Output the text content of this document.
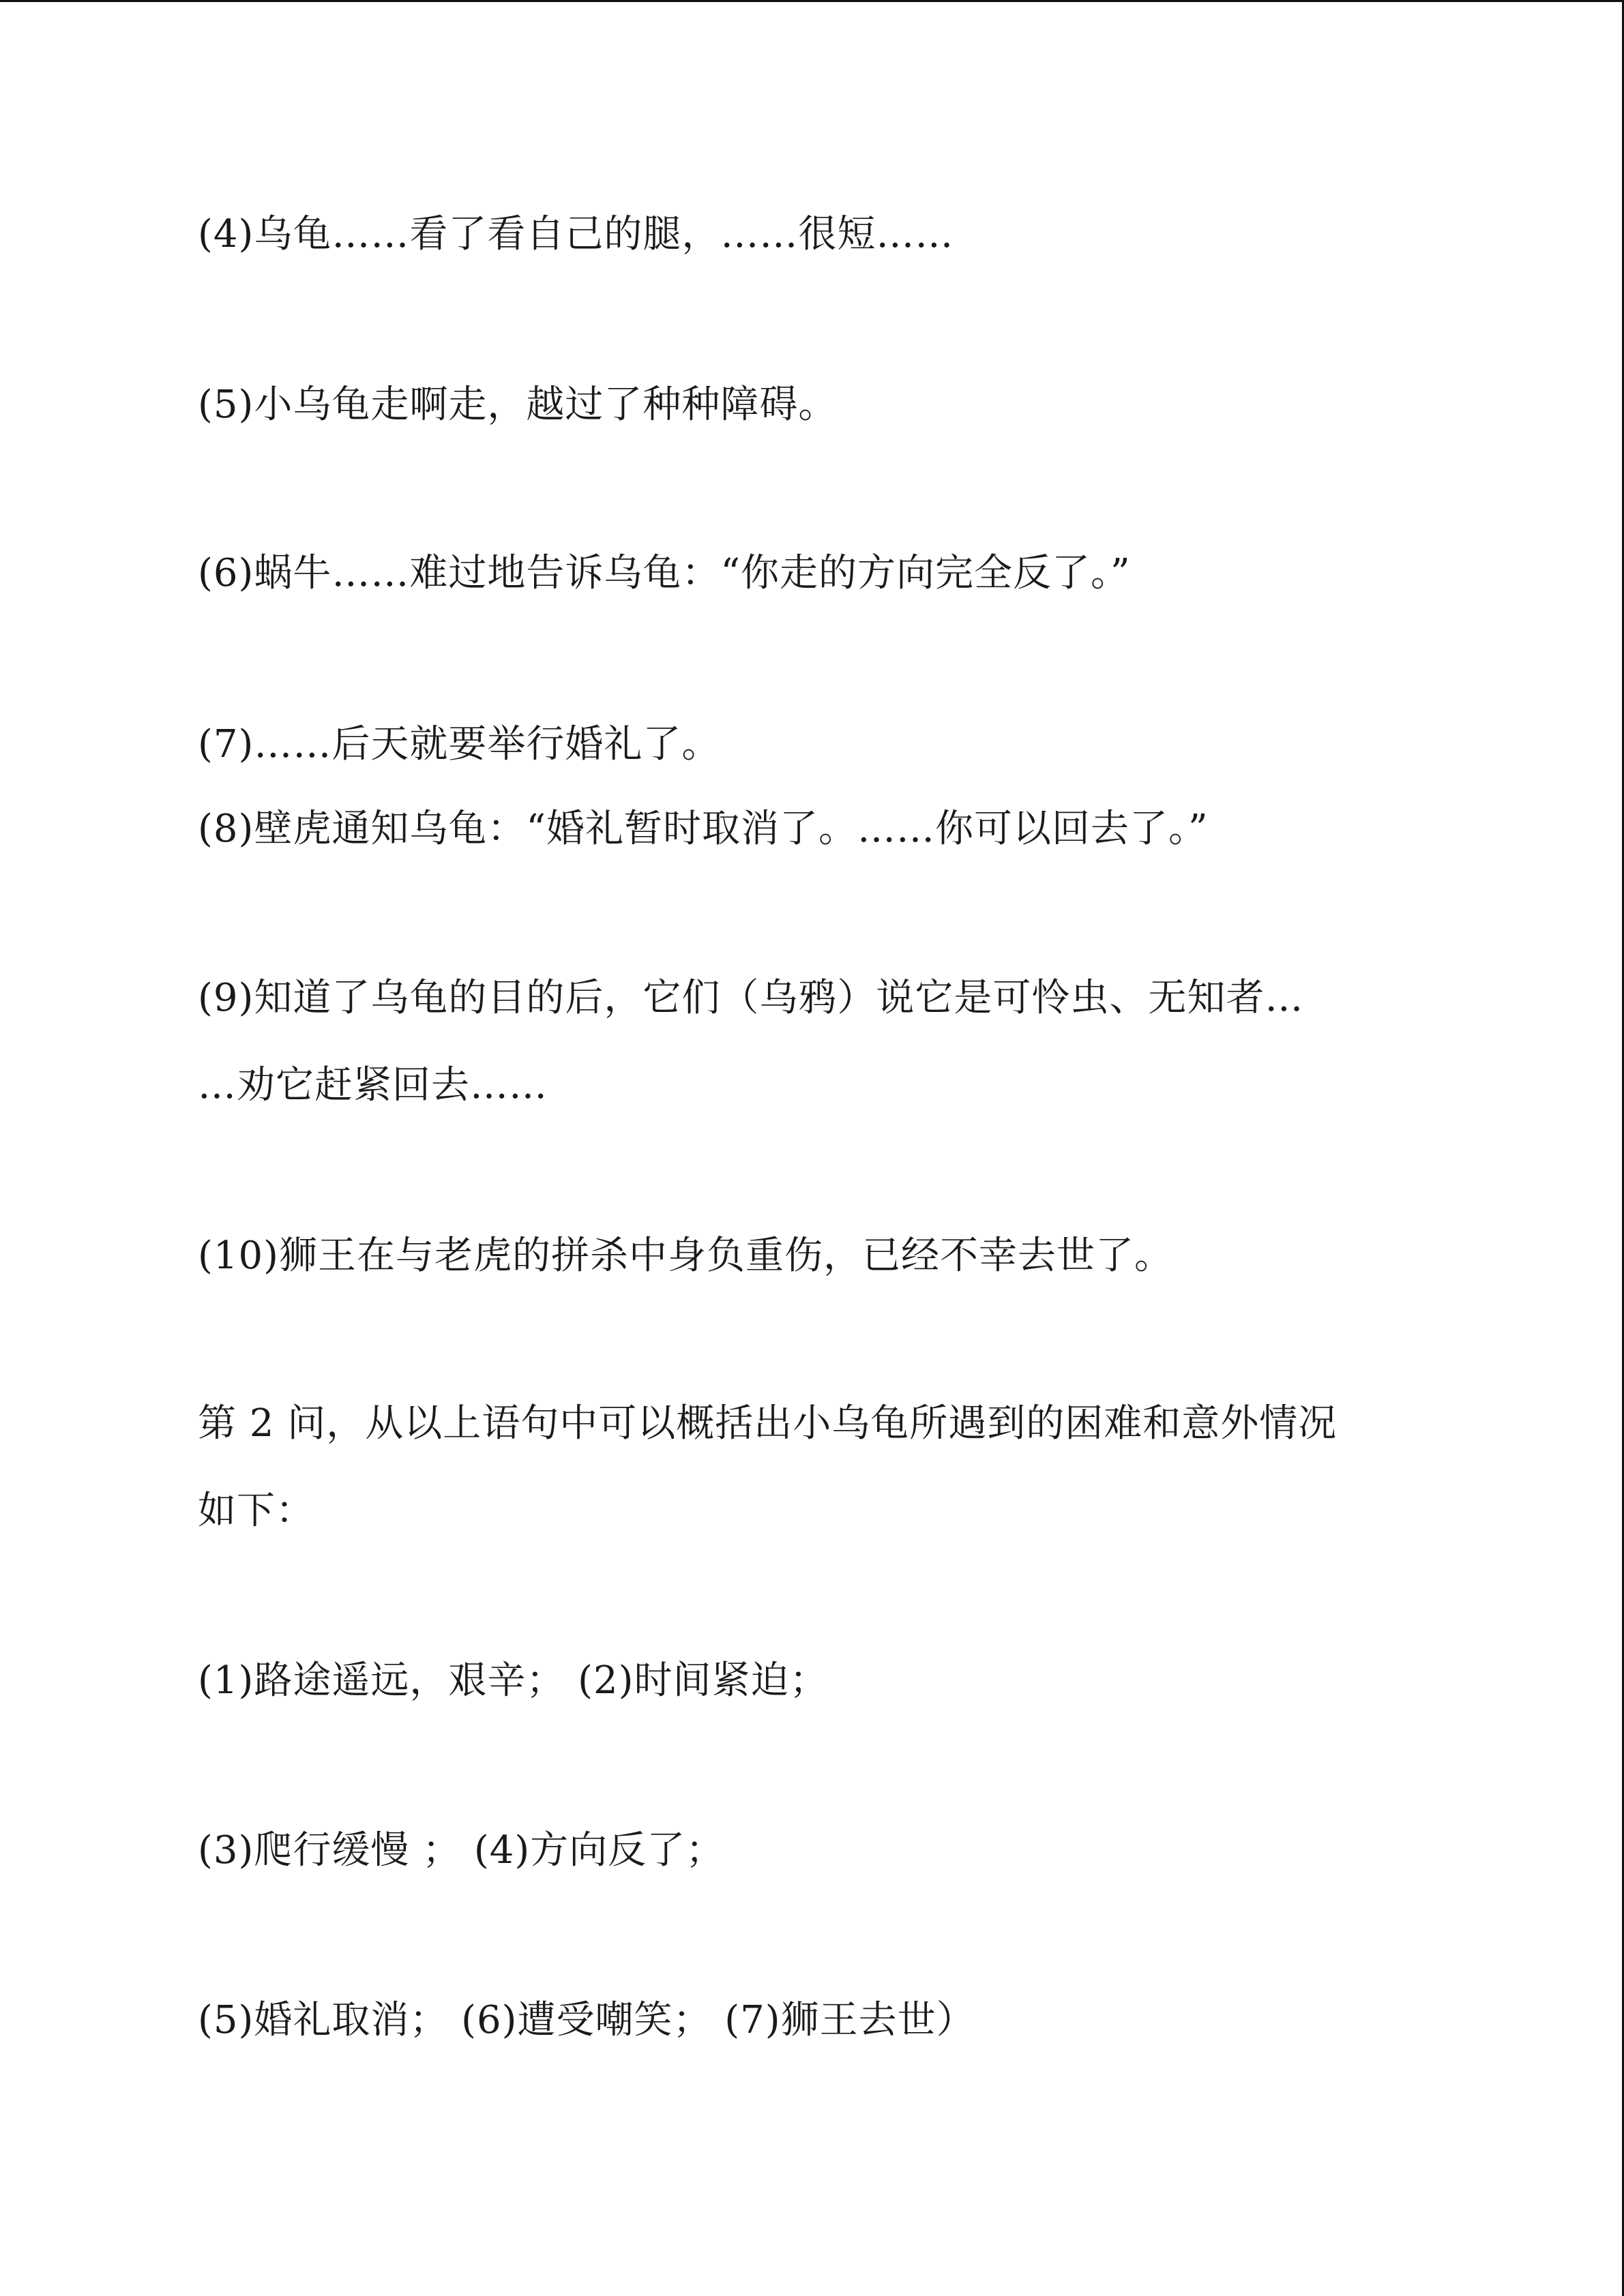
(4)乌龟……看了看自己的腿，……很短……

(5)小乌龟走啊走，越过了种种障碍。

(6)蜗牛……难过地告诉乌龟：“你走的方向完全反了。”

(7)……后天就要举行婚礼了。

(8)壁虎通知乌龟：“婚礼暂时取消了。……你可以回去了。”

(9)知道了乌龟的目的后，它们（乌鸦）说它是可怜虫、无知者…

…劝它赶紧回去……

(10)狮王在与老虎的拼杀中身负重伤，已经不幸去世了。

第 2 问，从以上语句中可以概括出小乌龟所遇到的困难和意外情况

如下：

(1)路途遥远，艰辛； (2)时间紧迫；

(3)爬行缓慢 ； (4)方向反了；

(5)婚礼取消； (6)遭受嘲笑； (7)狮王去世）
